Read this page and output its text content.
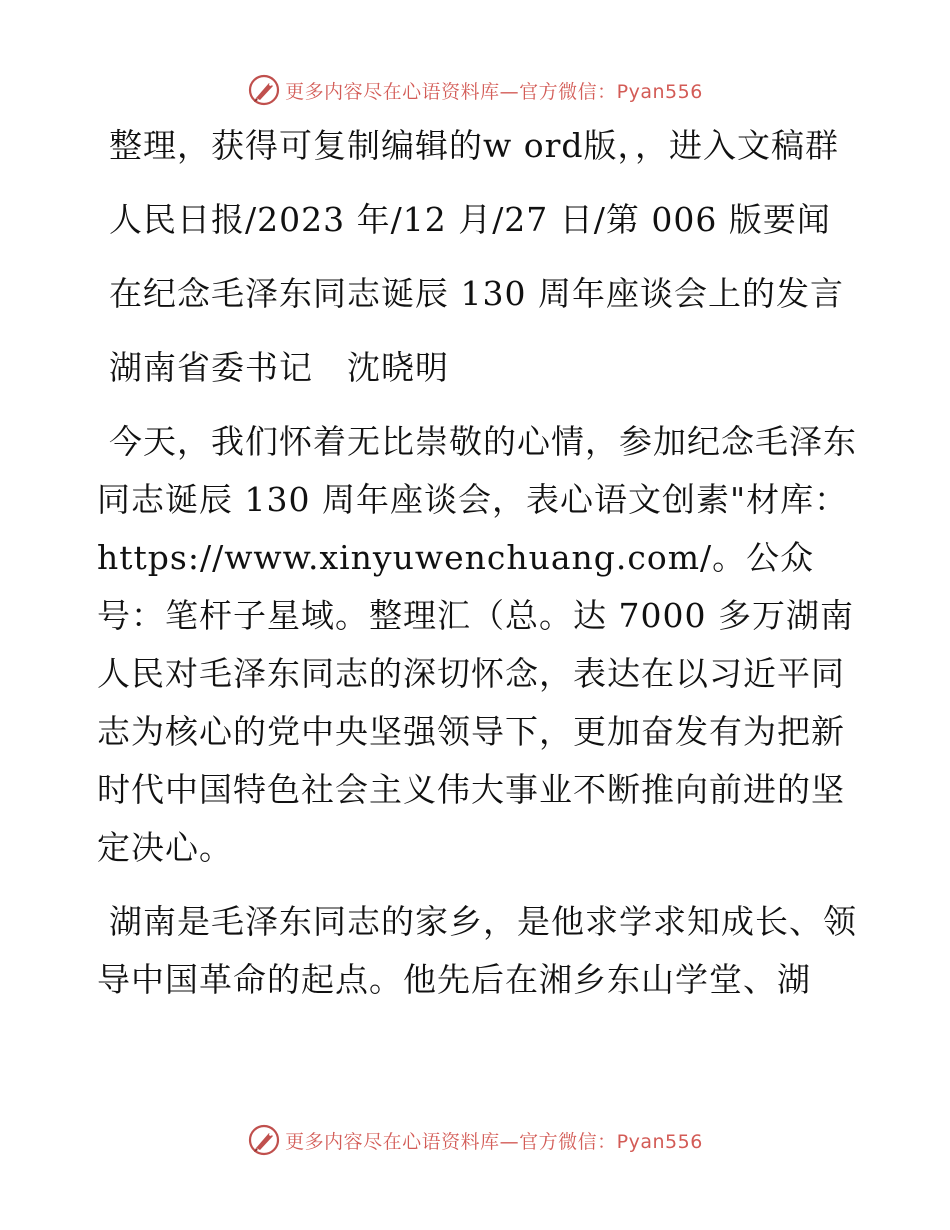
更多内容尽在心语资料库—官方微信：Pyan556

整理，获得可复制编辑的w ord版，，进入文稿群

人民日报/2023 年/12 月/27 日/第 006 版要闻

在纪念毛泽东同志诞辰 130 周年座谈会上的发言

湖南省委书记　沈晓明

今天，我们怀着无比崇敬的心情，参加纪念毛泽东同志诞辰 130 周年座谈会，表心语文创素"材库：https://www.xinyuwenchuang.com/。公众号：笔杆子星域。整理汇（总。达 7000 多万湖南人民对毛泽东同志的深切怀念，表达在以习近平同志为核心的党中央坚强领导下，更加奋发有为把新时代中国特色社会主义伟大事业不断推向前进的坚定决心。

湖南是毛泽东同志的家乡，是他求学求知成长、领导中国革命的起点。他先后在湘乡东山学堂、湖

更多内容尽在心语资料库—官方微信：Pyan556
